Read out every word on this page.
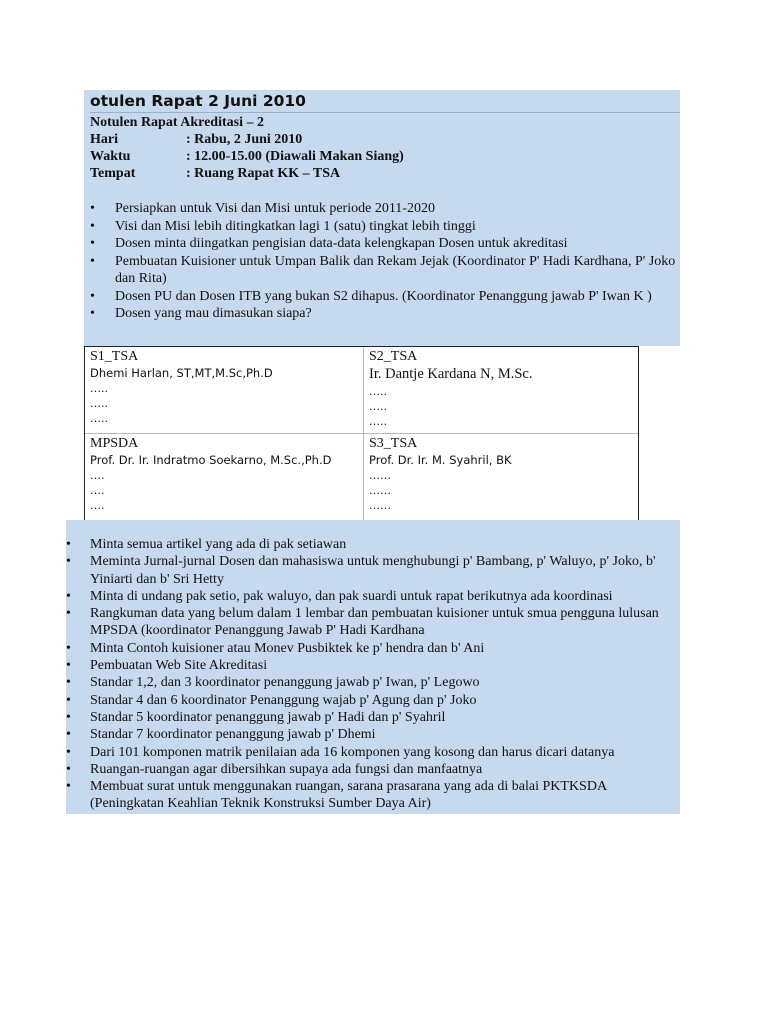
otulen Rapat 2 Juni 2010
Notulen Rapat Akreditasi – 2
Hari	: Rabu, 2 Juni 2010
Waktu	: 12.00-15.00 (Diawali Makan Siang)
Tempat	: Ruang Rapat KK – TSA
•	Persiapkan untuk Visi dan Misi untuk periode 2011-2020
•	Visi dan Misi lebih ditingkatkan lagi 1 (satu) tingkat lebih tinggi
•	Dosen minta diingatkan pengisian data-data kelengkapan Dosen untuk akreditasi
•	Pembuatan Kuisioner untuk Umpan Balik dan Rekam Jejak (Koordinator P' Hadi Kardhana, P' Joko dan Rita)
•	Dosen PU dan Dosen ITB yang bukan S2 dihapus. (Koordinator Penanggung jawab P' Iwan K )
•	Dosen yang mau dimasukan siapa?
S1_TSA
Dhemi Harlan, ST,MT,M.Sc,Ph.D
…..
…..
…..
S2_TSA
Ir. Dantje Kardana N, M.Sc.
…..
…..
…..
MPSDA
Prof. Dr. Ir. Indratmo Soekarno, M.Sc.,Ph.D
….
….
….
S3_TSA
Prof. Dr. Ir. M. Syahril, BK
……
……
……
•	Minta semua artikel yang ada di pak setiawan
•	Meminta Jurnal-jurnal Dosen dan mahasiswa untuk menghubungi p' Bambang, p' Waluyo, p' Joko, b' Yiniarti dan b' Sri Hetty
•	Minta di undang pak setio, pak waluyo, dan pak suardi untuk rapat berikutnya ada koordinasi
•	Rangkuman data yang belum dalam 1 lembar dan pembuatan kuisioner untuk smua pengguna lulusan MPSDA (koordinator Penanggung Jawab P' Hadi Kardhana
•	Minta Contoh kuisioner atau Monev Pusbiktek ke p' hendra dan b' Ani
•	Pembuatan Web Site Akreditasi
•	Standar 1,2, dan 3 koordinator penanggung jawab p' Iwan, p' Legowo
•	Standar 4 dan 6 koordinator Penanggung wajab p' Agung dan p' Joko
•	Standar 5 koordinator penanggung jawab p' Hadi dan p' Syahril
•	Standar 7 koordinator penanggung jawab p' Dhemi
•	Dari 101 komponen matrik penilaian ada 16 komponen yang kosong dan harus dicari datanya
•	Ruangan-ruangan agar dibersihkan supaya ada fungsi dan manfaatnya
•	Membuat surat untuk menggunakan ruangan, sarana prasarana yang ada di balai PKTKSDA (Peningkatan Keahlian Teknik Konstruksi Sumber Daya Air)
